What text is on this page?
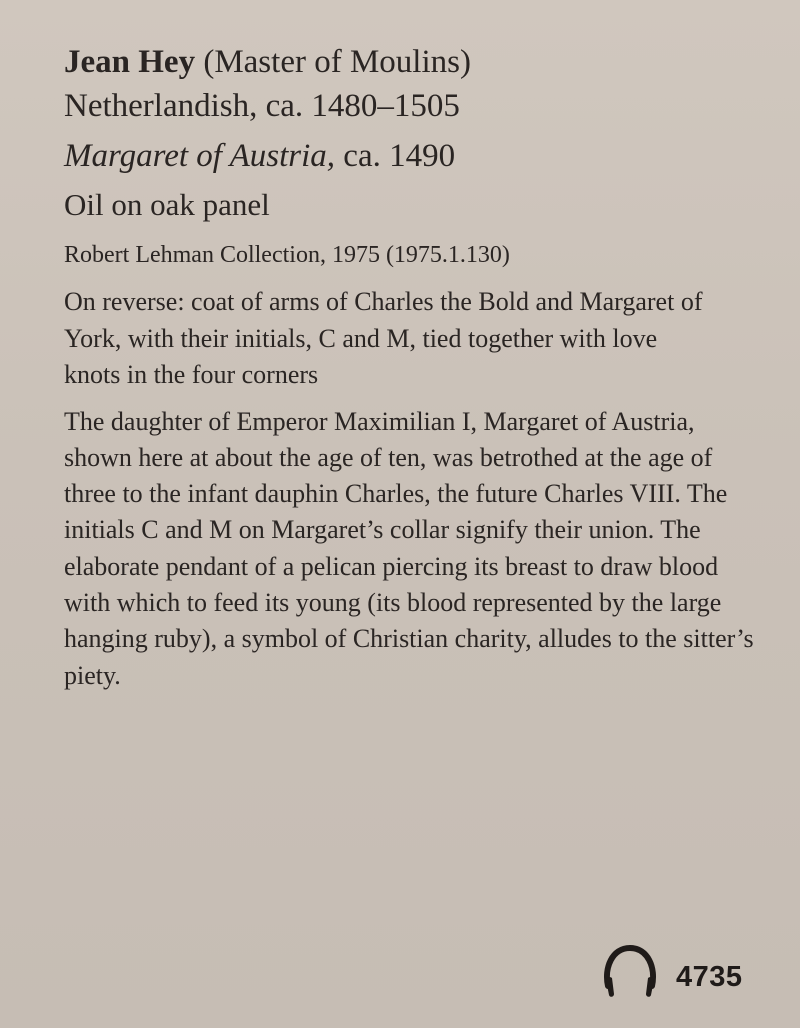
Jean Hey (Master of Moulins)

Netherlandish, ca. 1480–1505

Margaret of Austria, ca. 1490

Oil on oak panel

Robert Lehman Collection, 1975 (1975.1.130)

On reverse: coat of arms of Charles the Bold and Margaret of York, with their initials, C and M, tied together with love knots in the four corners

The daughter of Emperor Maximilian I, Margaret of Austria, shown here at about the age of ten, was betrothed at the age of three to the infant dauphin Charles, the future Charles VIII. The initials C and M on Margaret’s collar signify their union. The elaborate pendant of a pelican piercing its breast to draw blood with which to feed its young (its blood represented by the large hanging ruby), a symbol of Christian charity, alludes to the sitter’s piety.

4735
